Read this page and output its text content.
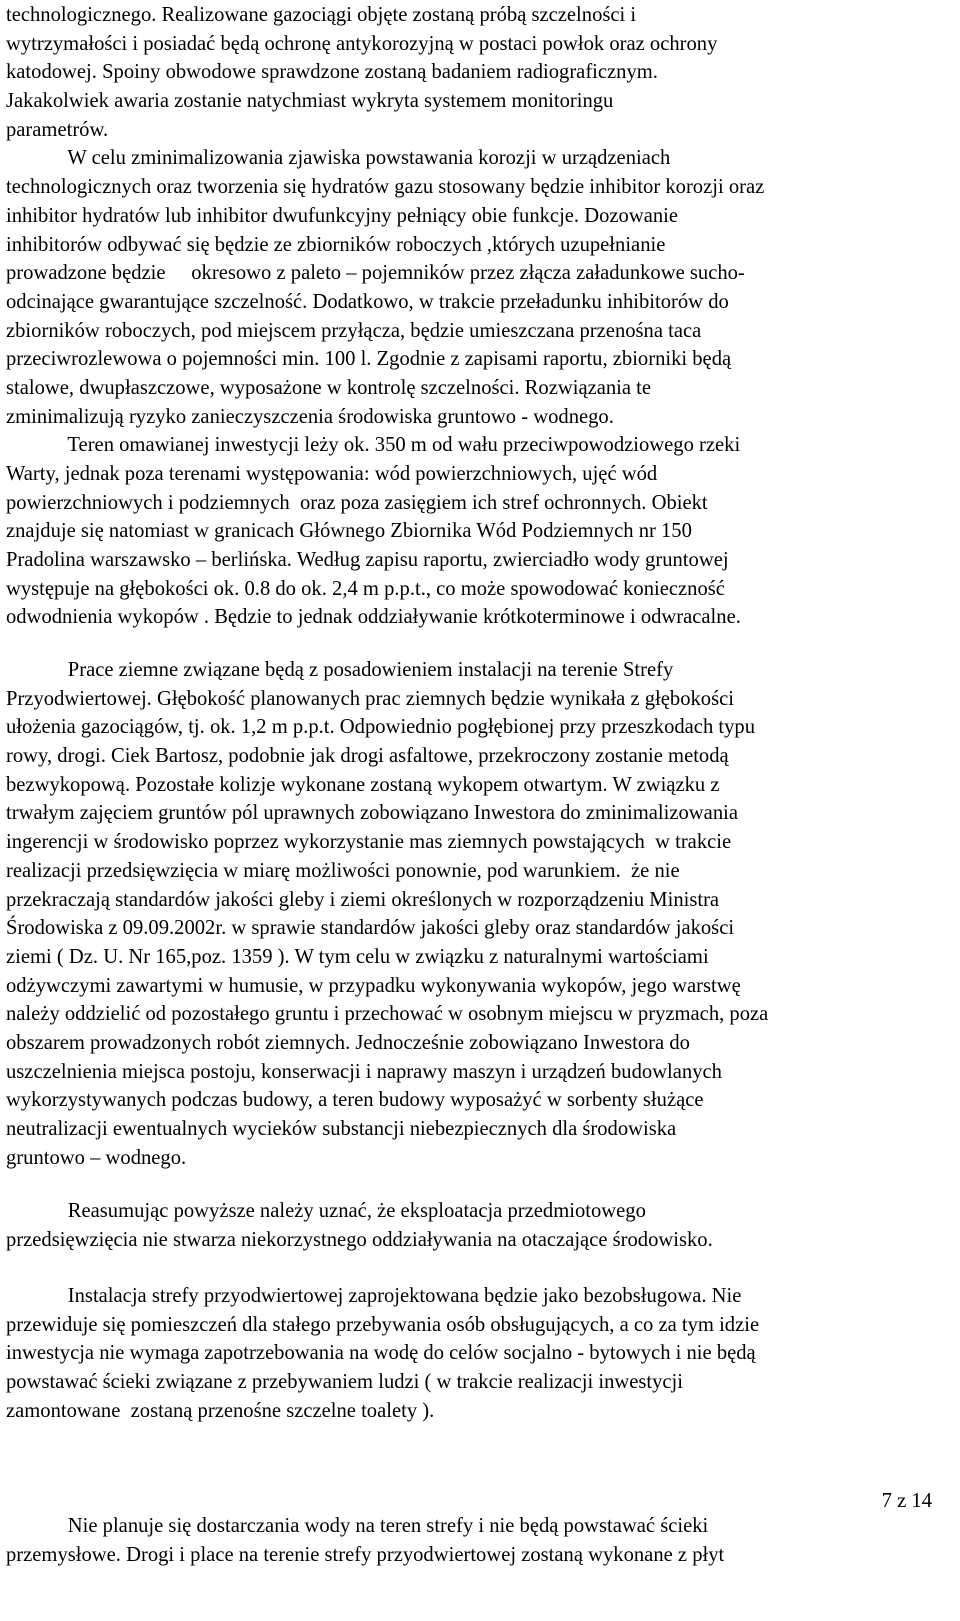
technologicznego. Realizowane gazociągi objęte zostaną próbą szczelności i
wytrzymałości i posiadać będą ochronę antykorozyjną w postaci powłok oraz ochrony
katodowej. Spoiny obwodowe sprawdzone zostaną badaniem radiograficznym.
Jakakolwiek awaria zostanie natychmiast wykryta systemem monitoringu
parametrów.
W celu zminimalizowania zjawiska powstawania korozji w urządzeniach
technologicznych oraz tworzenia się hydratów gazu stosowany będzie inhibitor korozji oraz
inhibitor hydratów lub inhibitor dwufunkcyjny pełniący obie funkcje. Dozowanie
inhibitorów odbywać się będzie ze zbiorników roboczych ,których uzupełnianie
prowadzone będzie     okresowo z paleto – pojemników przez złącza załadunkowe sucho-
odcinające gwarantujące szczelność. Dodatkowo, w trakcie przeładunku inhibitorów do
zbiorników roboczych, pod miejscem przyłącza, będzie umieszczana przenośna taca
przeciwrozlewowa o pojemności min. 100 l. Zgodnie z zapisami raportu, zbiorniki będą
stalowe, dwupłaszczowe, wyposażone w kontrolę szczelności. Rozwiązania te
zminimalizują ryzyko zanieczyszczenia środowiska gruntowo - wodnego.
Teren omawianej inwestycji leży ok. 350 m od wału przeciwpowodziowego rzeki
Warty, jednak poza terenami występowania: wód powierzchniowych, ujęć wód
powierzchniowych i podziemnych  oraz poza zasięgiem ich stref ochronnych. Obiekt
znajduje się natomiast w granicach Głównego Zbiornika Wód Podziemnych nr 150
Pradolina warszawsko – berlińska. Według zapisu raportu, zwierciadło wody gruntowej
występuje na głębokości ok. 0.8 do ok. 2,4 m p.p.t., co może spowodować konieczność
odwodnienia wykopów . Będzie to jednak oddziaływanie krótkoterminowe i odwracalne.
Prace ziemne związane będą z posadowieniem instalacji na terenie Strefy
Przyodwiertowej. Głębokość planowanych prac ziemnych będzie wynikała z głębokości
ułożenia gazociągów, tj. ok. 1,2 m p.p.t. Odpowiednio pogłębionej przy przeszkodach typu
rowy, drogi. Ciek Bartosz, podobnie jak drogi asfaltowe, przekroczony zostanie metodą
bezwykopową. Pozostałe kolizje wykonane zostaną wykopem otwartym. W związku z
trwałym zajęciem gruntów pól uprawnych zobowiązano Inwestora do zminimalizowania
ingerencji w środowisko poprzez wykorzystanie mas ziemnych powstających  w trakcie
realizacji przedsięwzięcia w miarę możliwości ponownie, pod warunkiem.  że nie
przekraczają standardów jakości gleby i ziemi określonych w rozporządzeniu Ministra
Środowiska z 09.09.2002r. w sprawie standardów jakości gleby oraz standardów jakości
ziemi ( Dz. U. Nr 165,poz. 1359 ). W tym celu w związku z naturalnymi wartościami
odżywczymi zawartymi w humusie, w przypadku wykonywania wykopów, jego warstwę
należy oddzielić od pozostałego gruntu i przechować w osobnym miejscu w pryzmach, poza
obszarem prowadzonych robót ziemnych. Jednocześnie zobowiązano Inwestora do
uszczelnienia miejsca postoju, konserwacji i naprawy maszyn i urządzeń budowlanych
wykorzystywanych podczas budowy, a teren budowy wyposażyć w sorbenty służące
neutralizacji ewentualnych wycieków substancji niebezpiecznych dla środowiska
gruntowo – wodnego.
Reasumując powyższe należy uznać, że eksploatacja przedmiotowego
przedsięwzięcia nie stwarza niekorzystnego oddziaływania na otaczające środowisko.
Instalacja strefy przyodwiertowej zaprojektowana będzie jako bezobsługowa. Nie
przewiduje się pomieszczeń dla stałego przebywania osób obsługujących, a co za tym idzie
inwestycja nie wymaga zapotrzebowania na wodę do celów socjalno - bytowych i nie będą
powstawać ścieki związane z przebywaniem ludzi ( w trakcie realizacji inwestycji
zamontowane  zostaną przenośne szczelne toalety ).
7 z 14
Nie planuje się dostarczania wody na teren strefy i nie będą powstawać ścieki
przemysłowe. Drogi i place na terenie strefy przyodwiertowej zostaną wykonane z płyt
